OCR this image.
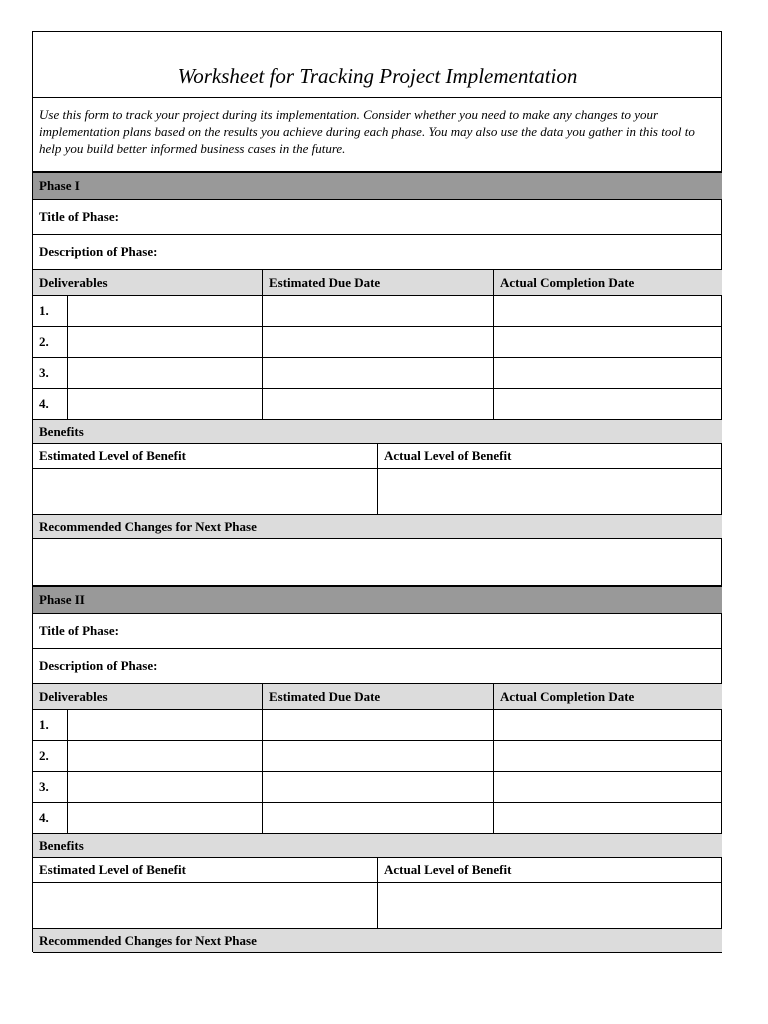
Worksheet for Tracking Project Implementation
Use this form to track your project during its implementation. Consider whether you need to make any changes to your implementation plans based on the results you achieve during each phase. You may also use the data you gather in this tool to help you build better informed business cases in the future.
Phase I
Title of Phase:
Description of Phase:
Deliverables	Estimated Due Date	Actual Completion Date
1.
2.
3.
4.
Benefits
Estimated Level of Benefit	Actual Level of Benefit
Recommended Changes for Next Phase
Phase II
Title of Phase:
Description of Phase:
Deliverables	Estimated Due Date	Actual Completion Date
1.
2.
3.
4.
Benefits
Estimated Level of Benefit	Actual Level of Benefit
Recommended Changes for Next Phase
